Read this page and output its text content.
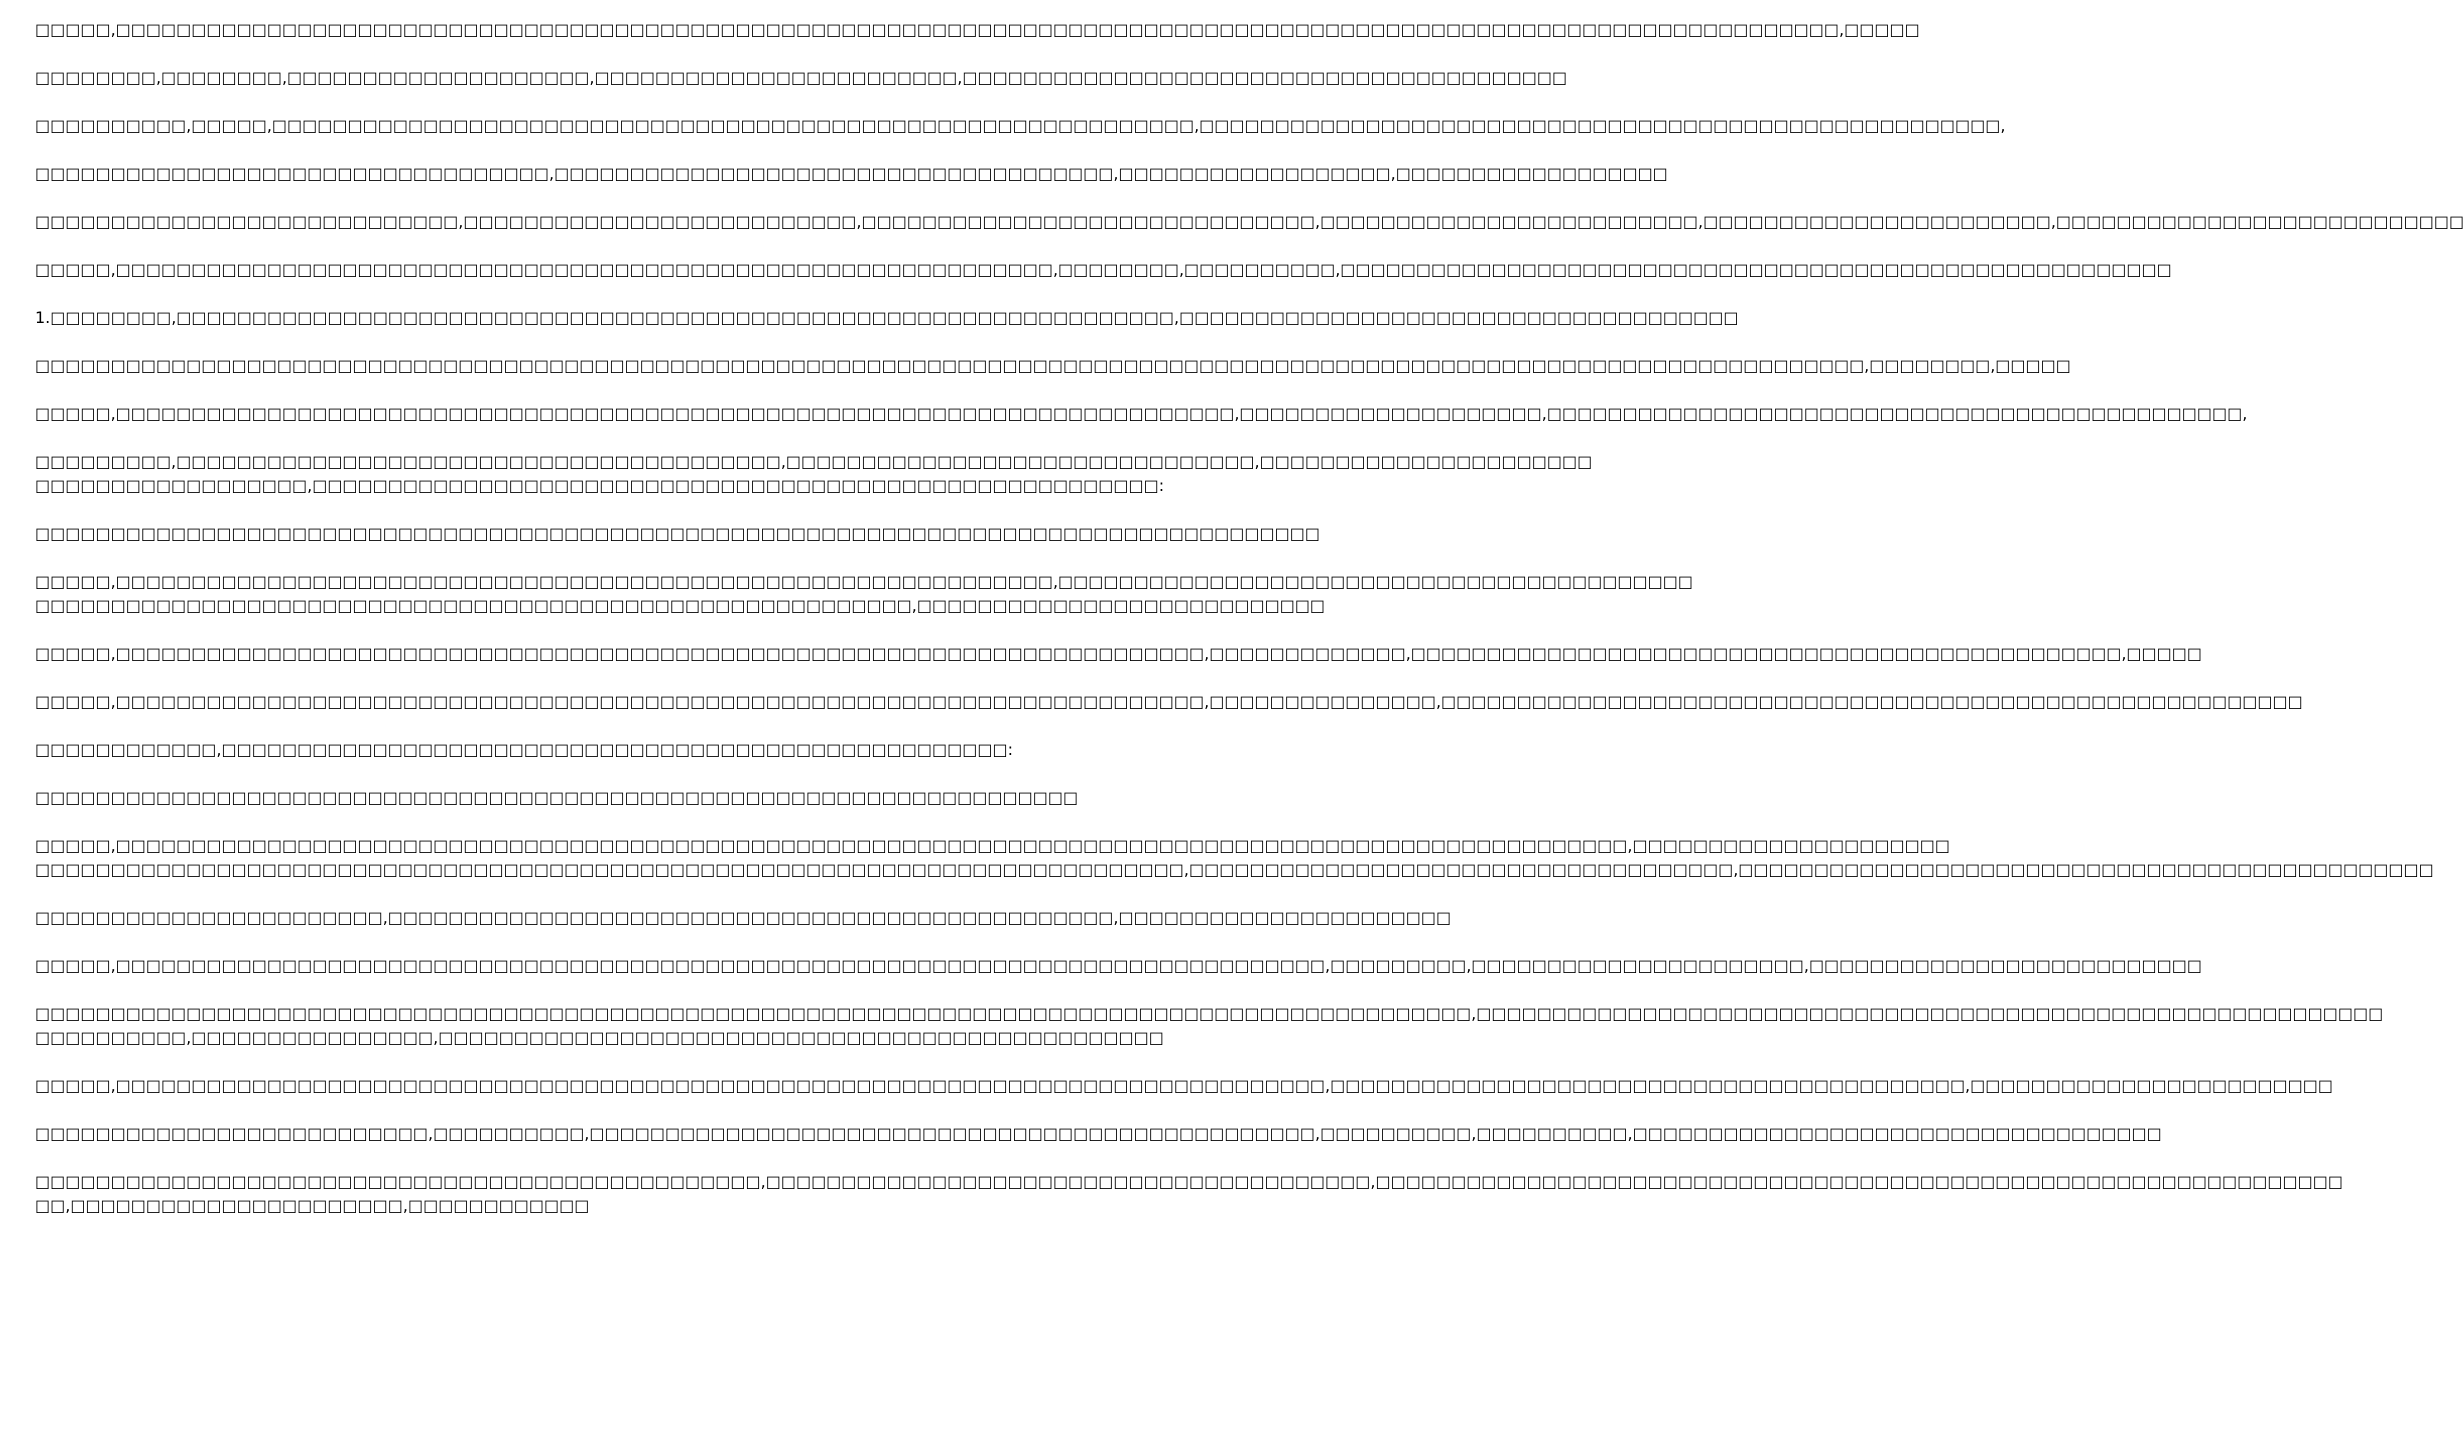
□□□□□,□□□□□□□□□□□□□□□□□□□□□□□□□□□□□□□□□□□□□□□□□□□□□□□□□□□□□□□□□□□□□□□□□□□□□□□□□□□□□□□□□□□□□□□□□□□□□□□□□□□□□□□□□□□□□□□□□□,□□□□□

□□□□□□□□,□□□□□□□□,□□□□□□□□□□□□□□□□□□□□,□□□□□□□□□□□□□□□□□□□□□□□□,□□□□□□□□□□□□□□□□□□□□□□□□□□□□□□□□□□□□□□□□

□□□□□□□□□□,□□□□□,□□□□□□□□□□□□□□□□□□□□□□□□□□□□□□□□□□□□□□□□□□□□□□□□□□□□□□□□□□□□□,□□□□□□□□□□□□□□□□□□□□□□□□□□□□□□□□□□□□□□□□□□□□□□□□□□□□□,

□□□□□□□□□□□□□□□□□□□□□□□□□□□□□□□□□□,□□□□□□□□□□□□□□□□□□□□□□□□□□□□□□□□□□□□□,□□□□□□□□□□□□□□□□□□,□□□□□□□□□□□□□□□□□□

□□□□□□□□□□□□□□□□□□□□□□□□□□□□,□□□□□□□□□□□□□□□□□□□□□□□□□□,□□□□□□□□□□□□□□□□□□□□□□□□□□□□□□,□□□□□□□□□□□□□□□□□□□□□□□□□,□□□□□□□□□□□□□□□□□□□□□□□,□□□□□□□□□□□□□□□□□□□□□□□□□□□

□□□□□,□□□□□□□□□□□□□□□□□□□□□□□□□□□□□□□□□□□□□□□□□□□□□□□□□□□□□□□□□□□□□□,□□□□□□□□,□□□□□□□□□□,□□□□□□□□□□□□□□□□□□□□□□□□□□□□□□□□□□□□□□□□□□□□□□□□□□□□□□□

1.□□□□□□□□,□□□□□□□□□□□□□□□□□□□□□□□□□□□□□□□□□□□□□□□□□□□□□□□□□□□□□□□□□□□□□□□□□□,□□□□□□□□□□□□□□□□□□□□□□□□□□□□□□□□□□□□□

□□□□□□□□□□□□□□□□□□□□□□□□□□□□□□□□□□□□□□□□□□□□□□□□□□□□□□□□□□□□□□□□□□□□□□□□□□□□□□□□□□□□□□□□□□□□□□□□□□□□□□□□□□□□□□□□□□□□□□□□□,□□□□□□□□,□□□□□

□□□□□,□□□□□□□□□□□□□□□□□□□□□□□□□□□□□□□□□□□□□□□□□□□□□□□□□□□□□□□□□□□□□□□□□□□□□□□□□□,□□□□□□□□□□□□□□□□□□□□,□□□□□□□□□□□□□□□□□□□□□□□□□□□□□□□□□□□□□□□□□□□□□□,

□□□□□□□□□,□□□□□□□□□□□□□□□□□□□□□□□□□□□□□□□□□□□□□□□□,□□□□□□□□□□□□□□□□□□□□□□□□□□□□□□□,□□□□□□□□□□□□□□□□□□□□□□
□□□□□□□□□□□□□□□□□□,□□□□□□□□□□□□□□□□□□□□□□□□□□□□□□□□□□□□□□□□□□□□□□□□□□□□□□□□:

□□□□□□□□□□□□□□□□□□□□□□□□□□□□□□□□□□□□□□□□□□□□□□□□□□□□□□□□□□□□□□□□□□□□□□□□□□□□□□□□□□□□□

□□□□□,□□□□□□□□□□□□□□□□□□□□□□□□□□□□□□□□□□□□□□□□□□□□□□□□□□□□□□□□□□□□□□,□□□□□□□□□□□□□□□□□□□□□□□□□□□□□□□□□□□□□□□□□□
□□□□□□□□□□□□□□□□□□□□□□□□□□□□□□□□□□□□□□□□□□□□□□□□□□□□□□□□□□,□□□□□□□□□□□□□□□□□□□□□□□□□□□

□□□□□,□□□□□□□□□□□□□□□□□□□□□□□□□□□□□□□□□□□□□□□□□□□□□□□□□□□□□□□□□□□□□□□□□□□□□□□□,□□□□□□□□□□□□□,□□□□□□□□□□□□□□□□□□□□□□□□□□□□□□□□□□□□□□□□□□□□□□□,□□□□□

□□□□□,□□□□□□□□□□□□□□□□□□□□□□□□□□□□□□□□□□□□□□□□□□□□□□□□□□□□□□□□□□□□□□□□□□□□□□□□,□□□□□□□□□□□□□□□,□□□□□□□□□□□□□□□□□□□□□□□□□□□□□□□□□□□□□□□□□□□□□□□□□□□□□□□□□

□□□□□□□□□□□□,□□□□□□□□□□□□□□□□□□□□□□□□□□□□□□□□□□□□□□□□□□□□□□□□□□□□:

□□□□□□□□□□□□□□□□□□□□□□□□□□□□□□□□□□□□□□□□□□□□□□□□□□□□□□□□□□□□□□□□□□□□□

□□□□□,□□□□□□□□□□□□□□□□□□□□□□□□□□□□□□□□□□□□□□□□□□□□□□□□□□□□□□□□□□□□□□□□□□□□□□□□□□□□□□□□□□□□□□□□□□□□□□□□□□□□,□□□□□□□□□□□□□□□□□□□□□
□□□□□□□□□□□□□□□□□□□□□□□□□□□□□□□□□□□□□□□□□□□□□□□□□□□□□□□□□□□□□□□□□□□□□□□□□□□□,□□□□□□□□□□□□□□□□□□□□□□□□□□□□□□□□□□□□,□□□□□□□□□□□□□□□□□□□□□□□□□□□□□□□□□□□□□□□□□□□□□□

□□□□□□□□□□□□□□□□□□□□□□□,□□□□□□□□□□□□□□□□□□□□□□□□□□□□□□□□□□□□□□□□□□□□□□□□,□□□□□□□□□□□□□□□□□□□□□□

□□□□□,□□□□□□□□□□□□□□□□□□□□□□□□□□□□□□□□□□□□□□□□□□□□□□□□□□□□□□□□□□□□□□□□□□□□□□□□□□□□□□□□,□□□□□□□□□,□□□□□□□□□□□□□□□□□□□□□□,□□□□□□□□□□□□□□□□□□□□□□□□□□

□□□□□□□□□□□□□□□□□□□□□□□□□□□□□□□□□□□□□□□□□□□□□□□□□□□□□□□□□□□□□□□□□□□□□□□□□□□□□□□□□□□□□□□□□□□□□□□,□□□□□□□□□□□□□□□□□□□□□□□□□□□□□□□□□□□□□□□□□□□□□□□□□□□□□□□□□□□□
□□□□□□□□□□,□□□□□□□□□□□□□□□□,□□□□□□□□□□□□□□□□□□□□□□□□□□□□□□□□□□□□□□□□□□□□□□□□

□□□□□,□□□□□□□□□□□□□□□□□□□□□□□□□□□□□□□□□□□□□□□□□□□□□□□□□□□□□□□□□□□□□□□□□□□□□□□□□□□□□□□□,□□□□□□□□□□□□□□□□□□□□□□□□□□□□□□□□□□□□□□□□□□,□□□□□□□□□□□□□□□□□□□□□□□□

□□□□□□□□□□□□□□□□□□□□□□□□□□,□□□□□□□□□□,□□□□□□□□□□□□□□□□□□□□□□□□□□□□□□□□□□□□□□□□□□□□□□□□,□□□□□□□□□□,□□□□□□□□□□,□□□□□□□□□□□□□□□□□□□□□□□□□□□□□□□□□□□

□□□□□□□□□□□□□□□□□□□□□□□□□□□□□□□□□□□□□□□□□□□□□□□□,□□□□□□□□□□□□□□□□□□□□□□□□□□□□□□□□□□□□□□□□,□□□□□□□□□□□□□□□□□□□□□□□□□□□□□□□□□□□□□□□□□□□□□□□□□□□□□□□□□□□□□□□□
□□,□□□□□□□□□□□□□□□□□□□□□□,□□□□□□□□□□□□
